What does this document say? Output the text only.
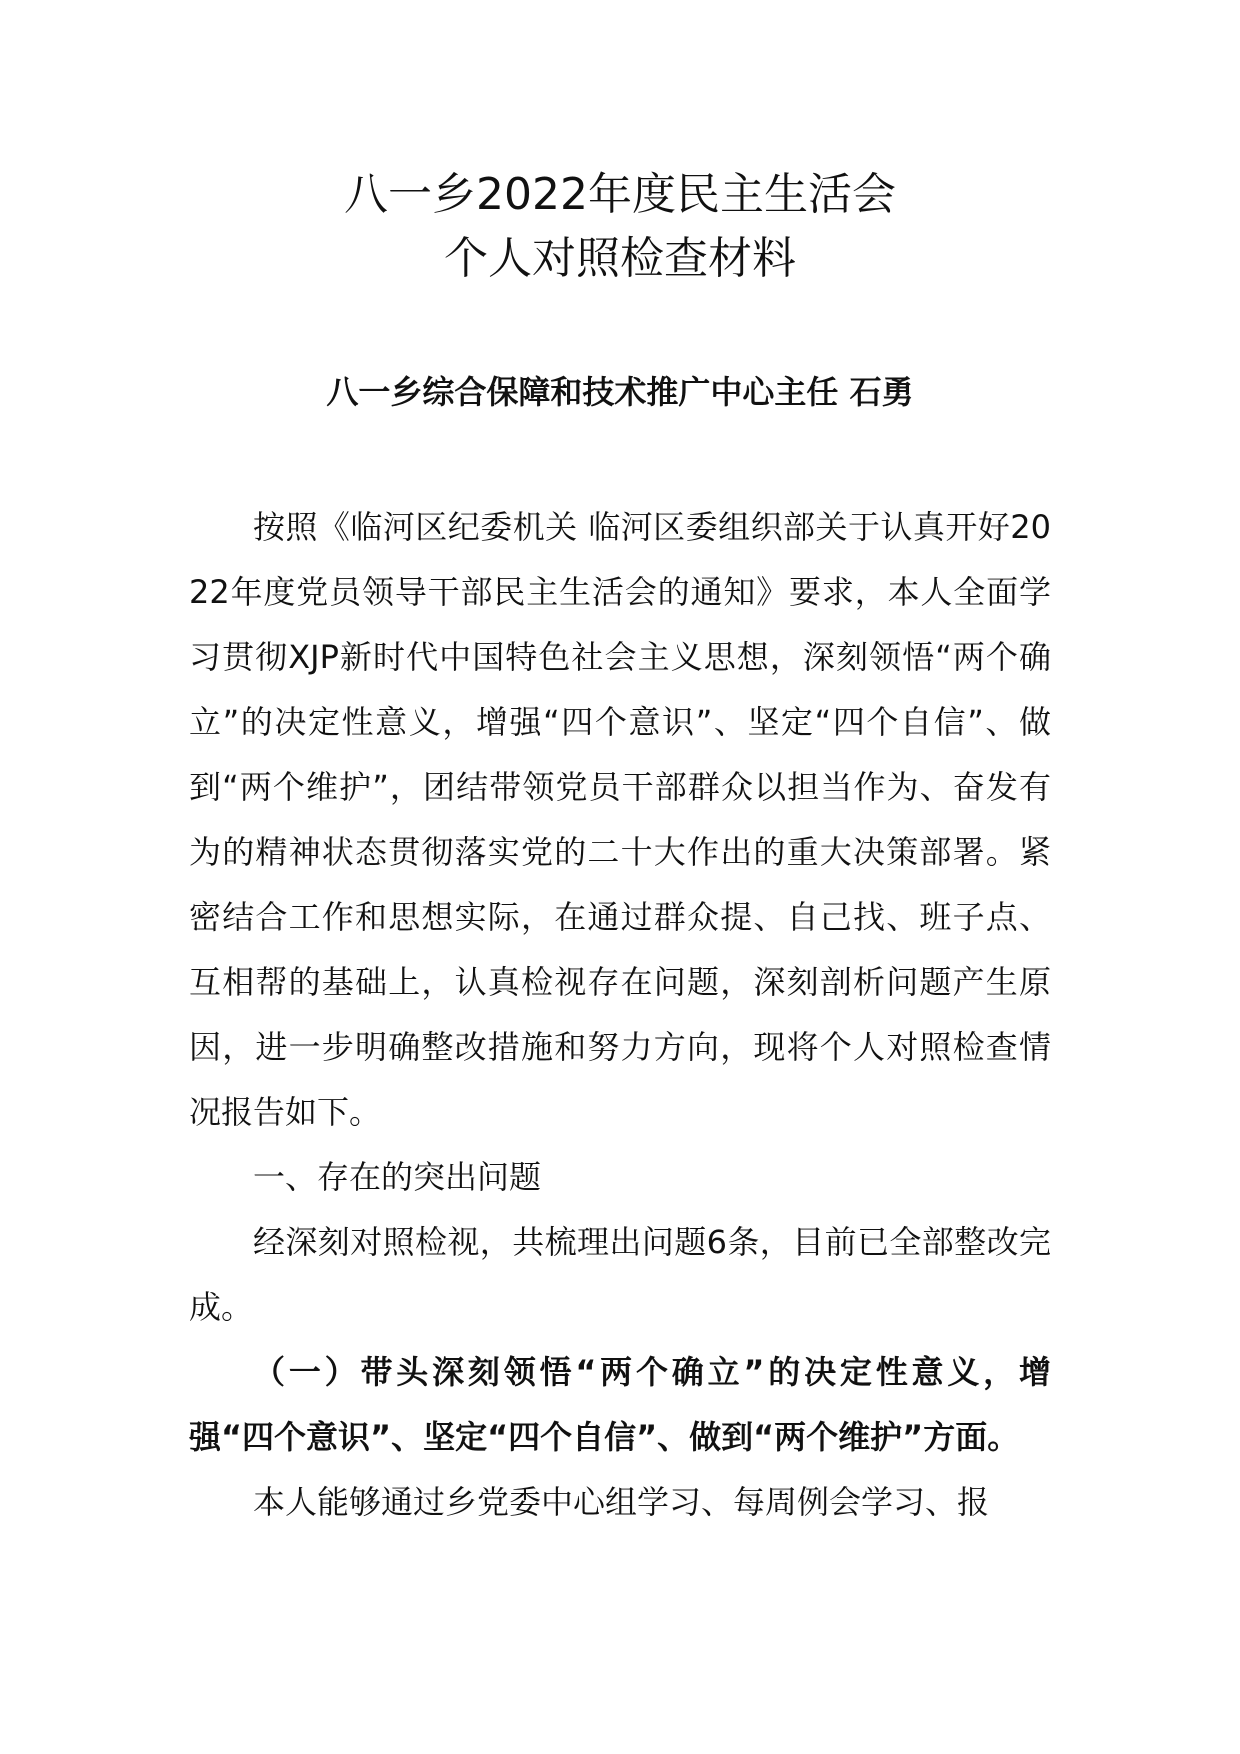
八一乡2022年度民主生活会
个人对照检查材料
八一乡综合保障和技术推广中心主任 石勇

按照《临河区纪委机关 临河区委组织部关于认真开好2022年度党员领导干部民主生活会的通知》要求，本人全面学习贯彻XJP新时代中国特色社会主义思想，深刻领悟“两个确立”的决定性意义，增强“四个意识”、坚定“四个自信”、做到“两个维护”，团结带领党员干部群众以担当作为、奋发有为的精神状态贯彻落实党的二十大作出的重大决策部署。紧密结合工作和思想实际，在通过群众提、自己找、班子点、互相帮的基础上，认真检视存在问题，深刻剖析问题产生原因，进一步明确整改措施和努力方向，现将个人对照检查情况报告如下。

一、存在的突出问题

经深刻对照检视，共梳理出问题6条，目前已全部整改完成。

（一）带头深刻领悟“两个确立”的决定性意义，增强“四个意识”、坚定“四个自信”、做到“两个维护”方面。

本人能够通过乡党委中心组学习、每周例会学习、报
